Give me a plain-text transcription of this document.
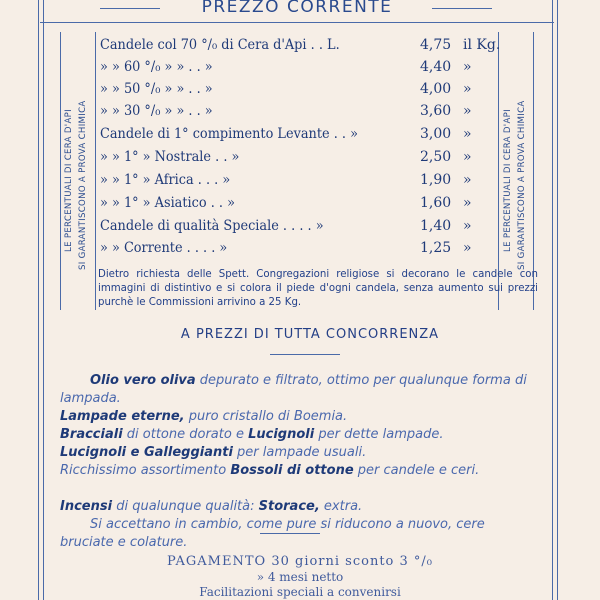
PREZZO CORRENTE
LE PERCENTUALI DI CERA D'API SI GARANTISCONO A PROVA CHIMICA	LE PERCENTUALI DI CERA D'API SI GARANTISCONO A PROVA CHIMICA
Candele col 70 °/₀ di Cera d'Api . . L.	4,75 il Kg.
» » 60 °/₀ » » . . »	4,40 »
» » 50 °/₀ » » . . »	4,00 »
» » 30 °/₀ » » . . »	3,60 »
Candele di 1° compimento Levante . . »	3,00 »
» » 1° » Nostrale . . »	2,50 »
» » 1° » Africa . . . »	1,90 »
» » 1° » Asiatico . . »	1,60 »
Candele di qualità Speciale . . . . »	1,40 »
» » Corrente . . . . »	1,25 »
Dietro richiesta delle Spett. Congregazioni religiose si decorano le candele con immagini di distintivo e si colora il piede d'ogni candela, senza aumento sui prezzi purchè le Commissioni arrivino a 25 Kg.
A PREZZI DI TUTTA CONCORRENZA
Olio vero oliva depurato e filtrato, ottimo per qualunque forma di lampada.
Lampade eterne, puro cristallo di Boemia.
Bracciali di ottone dorato e Lucignoli per dette lampade.
Lucignoli e Galleggianti per lampade usuali.
Ricchissimo assortimento Bossoli di ottone per candele e ceri.
Incensi di qualunque qualità: Storace, extra.
Si accettano in cambio, come pure si riducono a nuovo, cere bruciate e colature.
PAGAMENTO 30 giorni sconto 3 °/₀
» 4 mesi netto
Facilitazioni speciali a convenirsi
